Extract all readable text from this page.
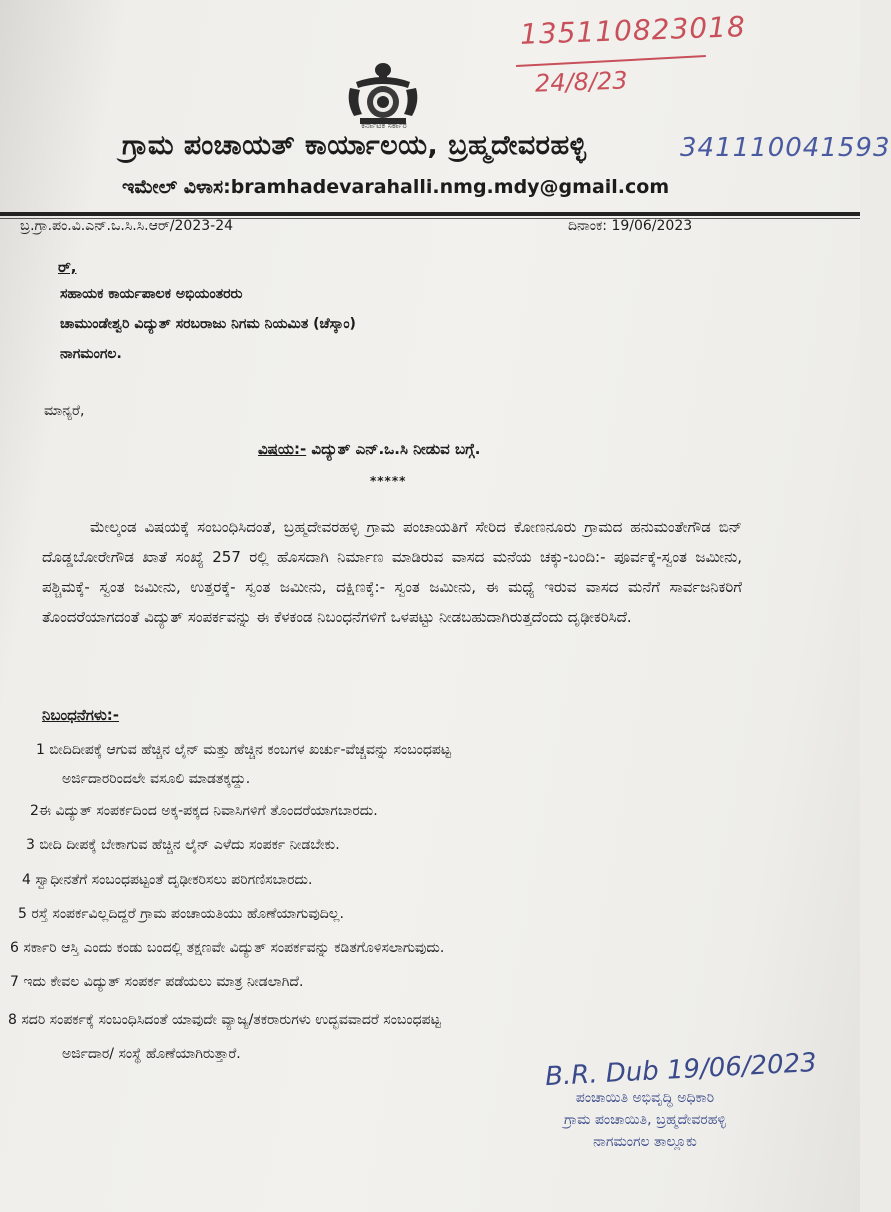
135110823018
24/8/23
ಕರ್ನಾಟಕ ಸರ್ಕಾರ
ಗ್ರಾಮ ಪಂಚಾಯತ್ ಕಾರ್ಯಾಲಯ, ಬ್ರಹ್ಮದೇವರಹಳ್ಳಿ	341110041593
ಇಮೇಲ್ ವಿಳಾಸ:bramhadevarahalli.nmg.mdy@gmail.com
ಬ್ರ.ಗ್ರಾ.ಪಂ.ವಿ.ಎನ್.ಒ.ಸಿ.ಸಿ.ಆರ್/2023-24	ದಿನಾಂಕ: 19/06/2023
ರ್,
ಸಹಾಯಕ ಕಾರ್ಯಪಾಲಕ ಅಭಿಯಂತರರು
ಚಾಮುಂಡೇಶ್ವರಿ ವಿದ್ಯುತ್ ಸರಬರಾಜು ನಿಗಮ ನಿಯಮಿತ (ಚೆಸ್ಕಾಂ)
ನಾಗಮಂಗಲ.
ಮಾನ್ಯರೆ,
ವಿಷಯ:- ವಿದ್ಯುತ್ ಎನ್.ಒ.ಸಿ ನೀಡುವ ಬಗ್ಗೆ.
*****
ಮೇಲ್ಕಂಡ ವಿಷಯಕ್ಕೆ ಸಂಬಂಧಿಸಿದಂತೆ, ಬ್ರಹ್ಮದೇವರಹಳ್ಳಿ ಗ್ರಾಮ ಪಂಚಾಯತಿಗೆ ಸೇರಿದ ಕೋಣನೂರು ಗ್ರಾಮದ ಹನುಮಂತೇಗೌಡ ಬಿನ್ ದೊಡ್ಡಬೋರೇಗೌಡ ಖಾತೆ ಸಂಖ್ಯೆ 257 ರಲ್ಲಿ ಹೊಸದಾಗಿ ನಿರ್ಮಾಣ ಮಾಡಿರುವ ವಾಸದ ಮನೆಯ ಚಕ್ಕು-ಬಂದಿ:- ಪೂರ್ವಕ್ಕೆ-ಸ್ವಂತ ಜಮೀನು, ಪಶ್ಚಿಮಕ್ಕೆ- ಸ್ವಂತ ಜಮೀನು, ಉತ್ತರಕ್ಕೆ- ಸ್ವಂತ ಜಮೀನು, ದಕ್ಷಿಣಕ್ಕೆ:- ಸ್ವಂತ ಜಮೀನು, ಈ ಮಧ್ಯೆ ಇರುವ ವಾಸದ ಮನೆಗೆ ಸಾರ್ವಜನಿಕರಿಗೆ ತೊಂದರೆಯಾಗದಂತೆ ವಿದ್ಯುತ್ ಸಂಪರ್ಕವನ್ನು ಈ ಕೆಳಕಂಡ ನಿಬಂಧನೆಗಳಿಗೆ ಒಳಪಟ್ಟು ನೀಡಬಹುದಾಗಿರುತ್ತದೆಂದು ದೃಢೀಕರಿಸಿದೆ.
ನಿಬಂಧನೆಗಳು:-
1 ಬೀದಿದೀಪಕ್ಕೆ ಆಗುವ ಹೆಚ್ಚಿನ ಲೈನ್ ಮತ್ತು ಹೆಚ್ಚಿನ ಕಂಬಗಳ ಖರ್ಚು-ವೆಚ್ಚವನ್ನು ಸಂಬಂಧಪಟ್ಟ
ಅರ್ಜಿದಾರರಿಂದಲೇ ವಸೂಲಿ ಮಾಡತಕ್ಕದ್ದು.
2ಈ ವಿದ್ಯುತ್ ಸಂಪರ್ಕದಿಂದ ಅಕ್ಕ-ಪಕ್ಕದ ನಿವಾಸಿಗಳಿಗೆ ತೊಂದರೆಯಾಗಬಾರದು.
3 ಬೀದಿ ದೀಪಕ್ಕೆ ಬೇಕಾಗುವ ಹೆಚ್ಚಿನ ಲೈನ್ ಎಳೆದು ಸಂಪರ್ಕ ನೀಡಬೇಕು.
4 ಸ್ವಾಧೀನತೆಗೆ ಸಂಬಂಧಪಟ್ಟಂತೆ ದೃಢೀಕರಿಸಲು ಪರಿಗಣಿಸಬಾರದು.
5 ರಸ್ತೆ ಸಂಪರ್ಕವಿಲ್ಲದಿದ್ದರೆ ಗ್ರಾಮ ಪಂಚಾಯತಿಯು ಹೊಣೆಯಾಗುವುದಿಲ್ಲ.
6 ಸರ್ಕಾರಿ ಆಸ್ತಿ ಎಂದು ಕಂಡು ಬಂದಲ್ಲಿ ತಕ್ಷಣವೇ ವಿದ್ಯುತ್ ಸಂಪರ್ಕವನ್ನು ಕಡಿತಗೊಳಿಸಲಾಗುವುದು.
7 ಇದು ಕೇವಲ ವಿದ್ಯುತ್ ಸಂಪರ್ಕ ಪಡೆಯಲು ಮಾತ್ರ ನೀಡಲಾಗಿದೆ.
8 ಸದರಿ ಸಂಪರ್ಕಕ್ಕೆ ಸಂಬಂಧಿಸಿದಂತೆ ಯಾವುದೇ ವ್ಯಾಜ್ಯ/ತಕರಾರುಗಳು ಉದ್ಭವವಾದರೆ ಸಂಬಂಧಪಟ್ಟ
ಅರ್ಜಿದಾರ/ ಸಂಸ್ಥೆ ಹೊಣೆಯಾಗಿರುತ್ತಾರೆ.	B.R. Dub 19/06/2023
ಪಂಚಾಯಿತಿ ಅಭಿವೃದ್ಧಿ ಅಧಿಕಾರಿ
ಗ್ರಾಮ ಪಂಚಾಯಿತಿ, ಬ್ರಹ್ಮದೇವರಹಳ್ಳಿ
ನಾಗಮಂಗಲ ತಾಲ್ಲೂಕು
